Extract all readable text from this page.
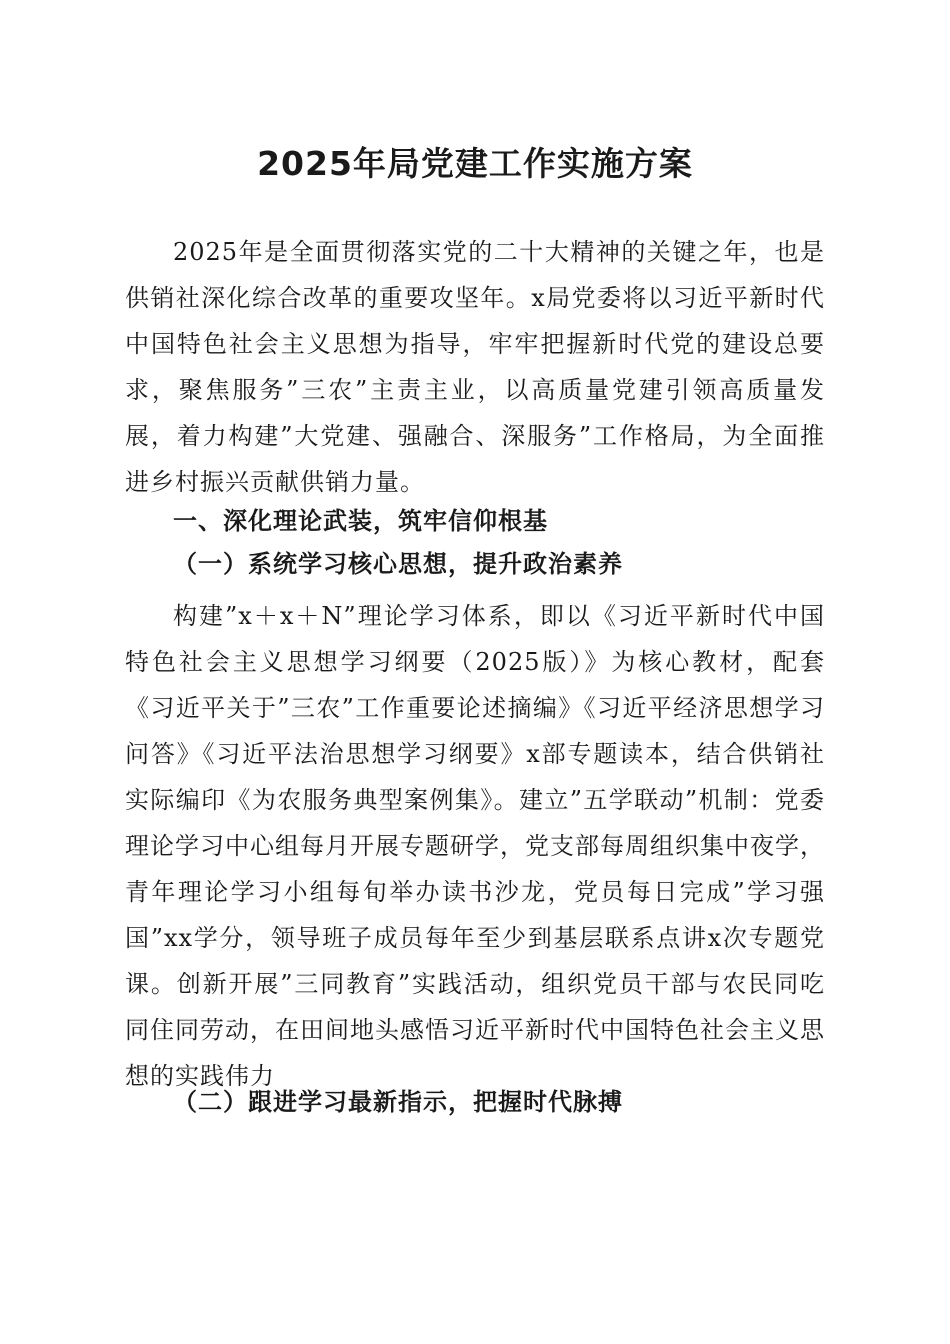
2025年局党建工作实施方案

2025年是全面贯彻落实党的二十大精神的关键之年，也是供销社深化综合改革的重要攻坚年。x局党委将以习近平新时代中国特色社会主义思想为指导，牢牢把握新时代党的建设总要求，聚焦服务”三农”主责主业，以高质量党建引领高质量发展，着力构建”大党建、强融合、深服务”工作格局，为全面推进乡村振兴贡献供销力量。

一、深化理论武装，筑牢信仰根基
（一）系统学习核心思想，提升政治素养

构建”x＋x＋N”理论学习体系，即以《习近平新时代中国特色社会主义思想学习纲要（2025版）》为核心教材，配套《习近平关于”三农”工作重要论述摘编》《习近平经济思想学习问答》《习近平法治思想学习纲要》x部专题读本，结合供销社实际编印《为农服务典型案例集》。建立”五学联动”机制：党委理论学习中心组每月开展专题研学，党支部每周组织集中夜学，青年理论学习小组每旬举办读书沙龙，党员每日完成”学习强国”xx学分，领导班子成员每年至少到基层联系点讲x次专题党课。创新开展”三同教育”实践活动，组织党员干部与农民同吃同住同劳动，在田间地头感悟习近平新时代中国特色社会主义思想的实践伟力

（二）跟进学习最新指示，把握时代脉搏
